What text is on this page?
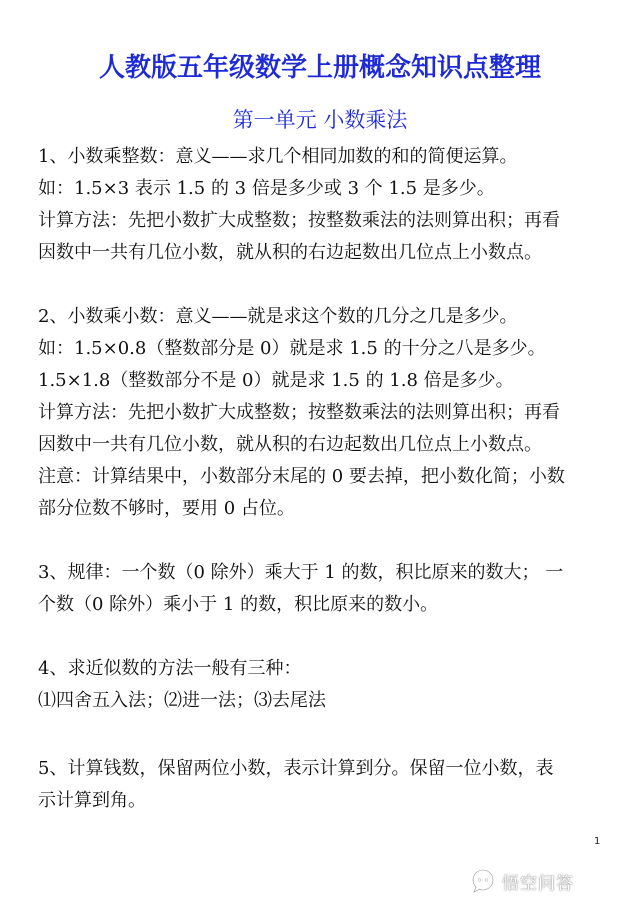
人教版五年级数学上册概念知识点整理
第一单元 小数乘法
1、小数乘整数：意义——求几个相同加数的和的简便运算。
如：1.5×3 表示 1.5 的 3 倍是多少或 3 个 1.5 是多少。
计算方法：先把小数扩大成整数；按整数乘法的法则算出积；再看
因数中一共有几位小数，就从积的右边起数出几位点上小数点。
2、小数乘小数：意义——就是求这个数的几分之几是多少。
如：1.5×0.8（整数部分是 0）就是求 1.5 的十分之八是多少。
1.5×1.8（整数部分不是 0）就是求 1.5 的 1.8 倍是多少。
计算方法：先把小数扩大成整数；按整数乘法的法则算出积；再看
因数中一共有几位小数，就从积的右边起数出几位点上小数点。
注意：计算结果中，小数部分末尾的 0 要去掉，把小数化简；小数
部分位数不够时，要用 0 占位。
3、规律：一个数（0 除外）乘大于 1 的数，积比原来的数大； 一
个数（0 除外）乘小于 1 的数，积比原来的数小。
4、求近似数的方法一般有三种：
⑴四舍五入法；⑵进一法；⑶去尾法
5、计算钱数，保留两位小数，表示计算到分。保留一位小数，表
示计算到角。
1
悟空问答
